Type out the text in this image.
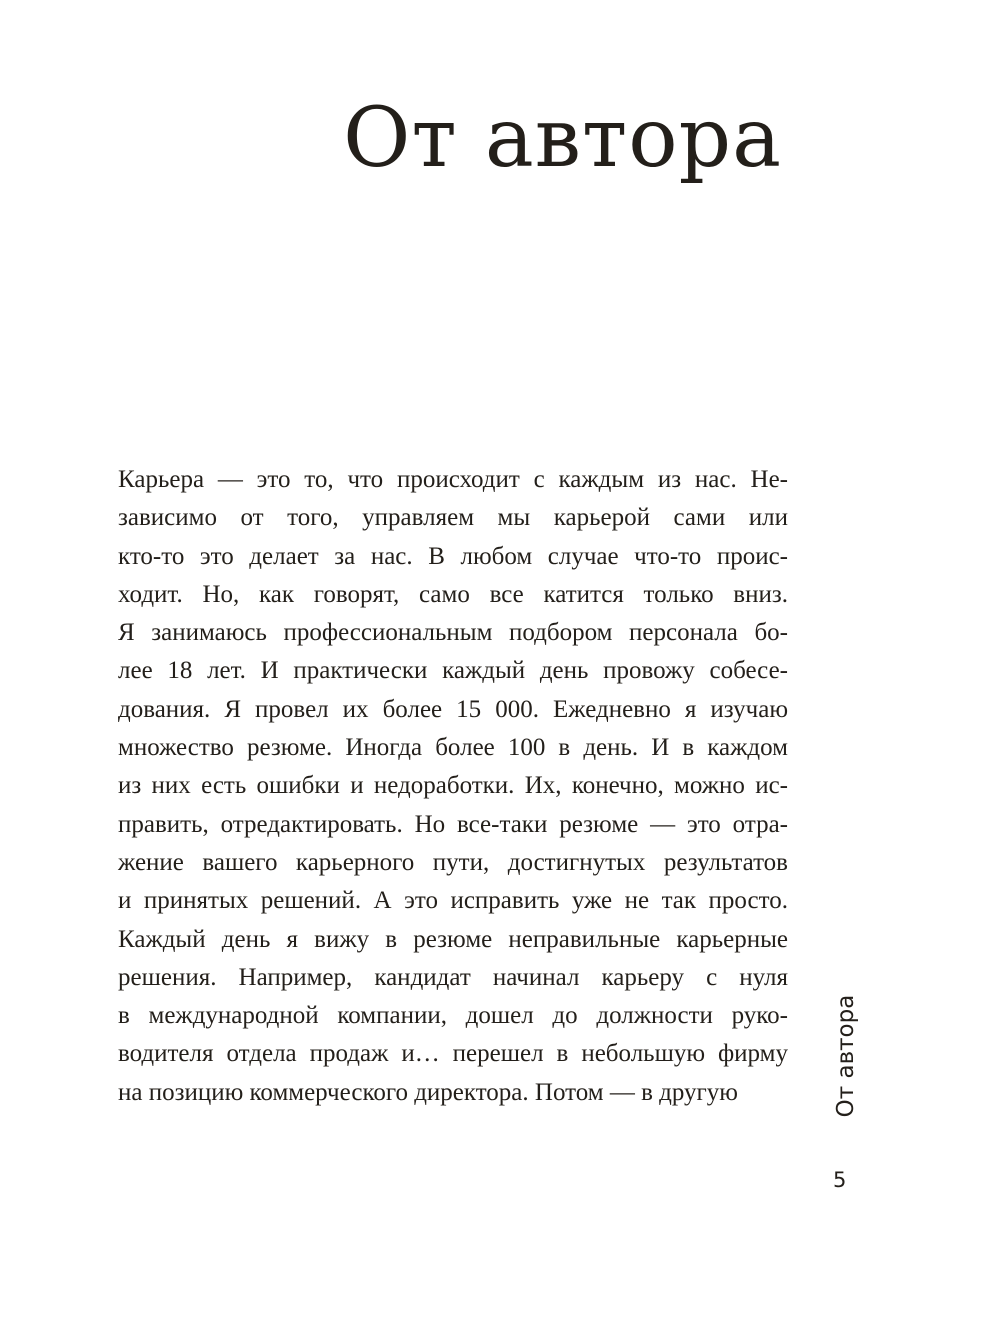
От автора
Карьера — это то, что происходит с каждым из нас. Не-
зависимо от того, управляем мы карьерой сами или
кто-то это делает за нас. В любом случае что-то проис-
ходит. Но, как говорят, само все катится только вниз.
Я занимаюсь профессиональным подбором персонала бо-
лее 18 лет. И практически каждый день провожу собесе-
дования. Я провел их более 15 000. Ежедневно я изучаю
множество резюме. Иногда более 100 в день. И в каждом
из них есть ошибки и недоработки. Их, конечно, можно ис-
править, отредактировать. Но все-таки резюме — это отра-
жение вашего карьерного пути, достигнутых результатов
и принятых решений. А это исправить уже не так просто.
Каждый день я вижу в резюме неправильные карьерные
решения. Например, кандидат начинал карьеру с нуля
в международной компании, дошел до должности руко-
водителя отдела продаж и… перешел в небольшую фирму
на позицию коммерческого директора. Потом — в другую	От автора
5
